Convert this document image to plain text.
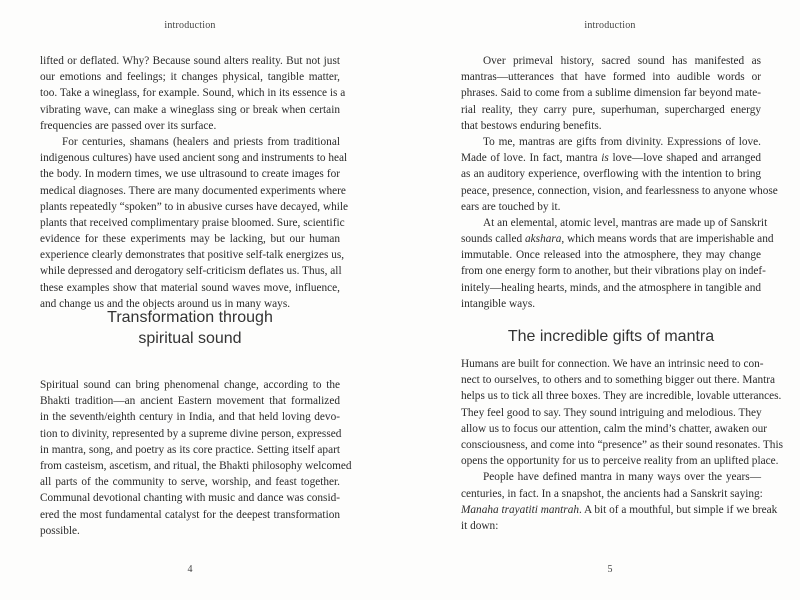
introduction
lifted or deflated. Why? Because sound alters reality. But not just
our emotions and feelings; it changes physical, tangible matter,
too. Take a wineglass, for example. Sound, which in its essence is a
vibrating wave, can make a wineglass sing or break when certain
frequencies are passed over its surface.
For centuries, shamans (healers and priests from traditional
indigenous cultures) have used ancient song and instruments to heal
the body. In modern times, we use ultrasound to create images for
medical diagnoses. There are many documented experiments where
plants repeatedly “spoken” to in abusive curses have decayed, while
plants that received complimentary praise bloomed. Sure, scientific
evidence for these experiments may be lacking, but our human
experience clearly demonstrates that positive self-talk energizes us,
while depressed and derogatory self-criticism deflates us. Thus, all
these examples show that material sound waves move, influence,
and change us and the objects around us in many ways.
Transformation through
spiritual sound
Spiritual sound can bring phenomenal change, according to the
Bhakti tradition—an ancient Eastern movement that formalized
in the seventh/eighth century in India, and that held loving devo-
tion to divinity, represented by a supreme divine person, expressed
in mantra, song, and poetry as its core practice. Setting itself apart
from casteism, ascetism, and ritual, the Bhakti philosophy welcomed
all parts of the community to serve, worship, and feast together.
Communal devotional chanting with music and dance was consid-
ered the most fundamental catalyst for the deepest transformation
possible.
4
introduction
Over primeval history, sacred sound has manifested as
mantras—utterances that have formed into audible words or
phrases. Said to come from a sublime dimension far beyond mate-
rial reality, they carry pure, superhuman, supercharged energy
that bestows enduring benefits.
To me, mantras are gifts from divinity. Expressions of love.
Made of love. In fact, mantra is love—love shaped and arranged
as an auditory experience, overflowing with the intention to bring
peace, presence, connection, vision, and fearlessness to anyone whose
ears are touched by it.
At an elemental, atomic level, mantras are made up of Sanskrit
sounds called akshara, which means words that are imperishable and
immutable. Once released into the atmosphere, they may change
from one energy form to another, but their vibrations play on indef-
initely—healing hearts, minds, and the atmosphere in tangible and
intangible ways.
The incredible gifts of mantra
Humans are built for connection. We have an intrinsic need to con-
nect to ourselves, to others and to something bigger out there. Mantra
helps us to tick all three boxes. They are incredible, lovable utterances.
They feel good to say. They sound intriguing and melodious. They
allow us to focus our attention, calm the mind’s chatter, awaken our
consciousness, and come into “presence” as their sound resonates. This
opens the opportunity for us to perceive reality from an uplifted place.
People have defined mantra in many ways over the years—
centuries, in fact. In a snapshot, the ancients had a Sanskrit saying:
Manaha trayatiti mantrah. A bit of a mouthful, but simple if we break
it down:
5
